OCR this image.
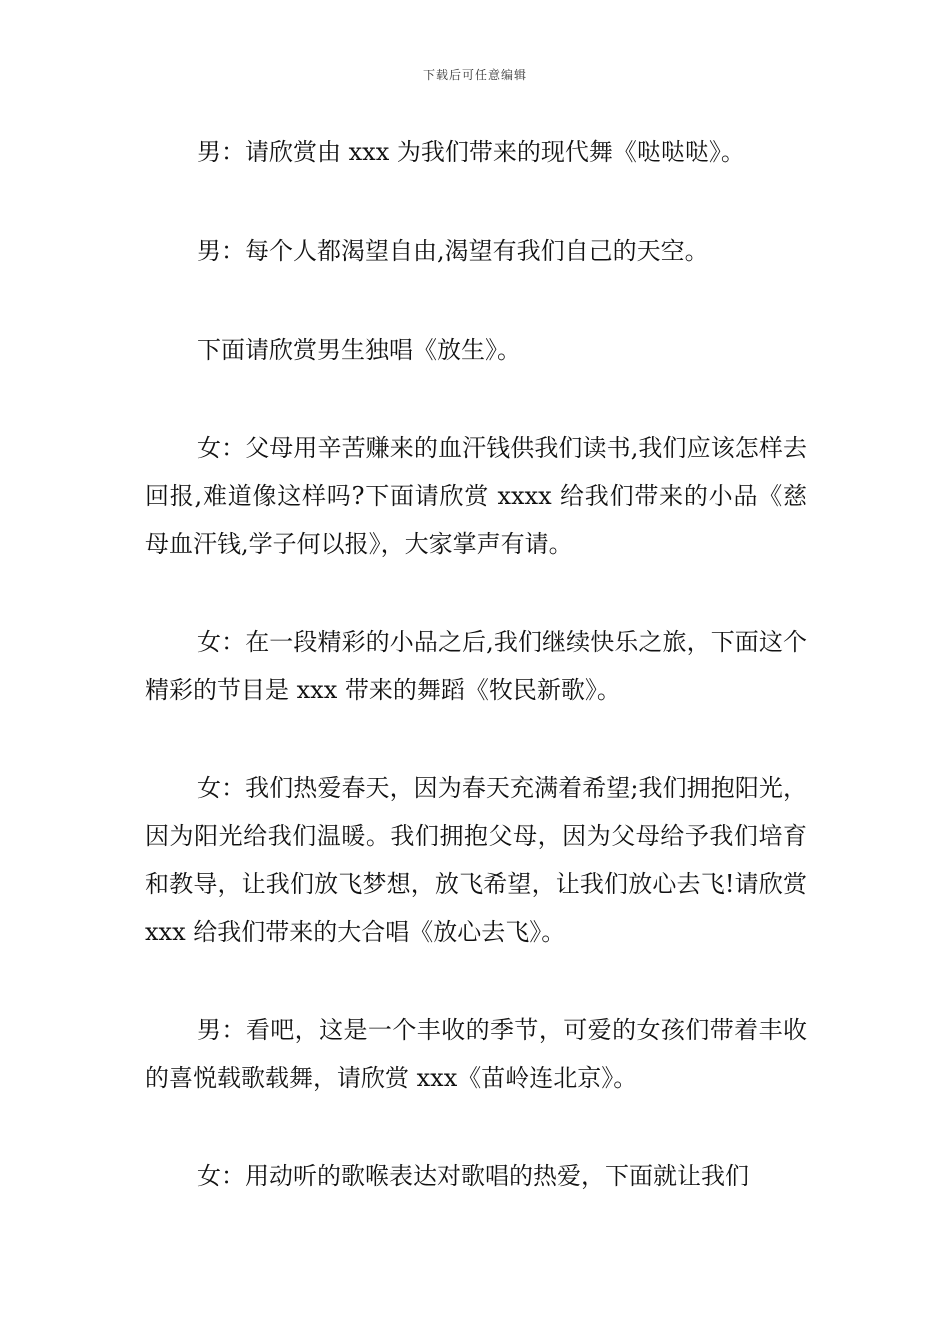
下载后可任意编辑

男：请欣赏由 xxx 为我们带来的现代舞《哒哒哒》。

男：每个人都渴望自由,渴望有我们自己的天空。

下面请欣赏男生独唱《放生》。

女：父母用辛苦赚来的血汗钱供我们读书,我们应该怎样去回报,难道像这样吗?下面请欣赏 xxxx 给我们带来的小品《慈母血汗钱,学子何以报》，大家掌声有请。

女：在一段精彩的小品之后,我们继续快乐之旅，下面这个精彩的节目是 xxx 带来的舞蹈《牧民新歌》。

女：我们热爱春天，因为春天充满着希望;我们拥抱阳光，因为阳光给我们温暖。我们拥抱父母，因为父母给予我们培育和教导，让我们放飞梦想，放飞希望，让我们放心去飞!请欣赏 xxx 给我们带来的大合唱《放心去飞》。

男：看吧，这是一个丰收的季节，可爱的女孩们带着丰收的喜悦载歌载舞，请欣赏 xxx《苗岭连北京》。

女：用动听的歌喉表达对歌唱的热爱，下面就让我们
